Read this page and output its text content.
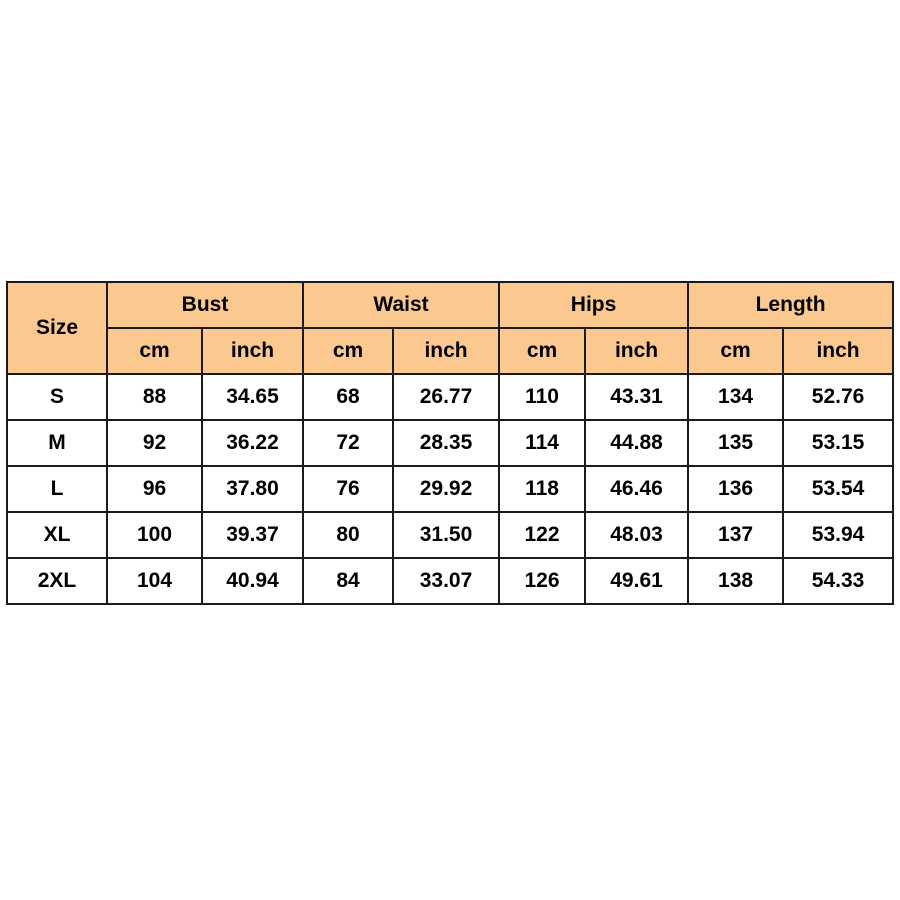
Size	Bust		Waist		Hips		Length	
	cm	inch	cm	inch	cm	inch	cm	inch
S	88	34.65	68	26.77	110	43.31	134	52.76
M	92	36.22	72	28.35	114	44.88	135	53.15
L	96	37.80	76	29.92	118	46.46	136	53.54
XL	100	39.37	80	31.50	122	48.03	137	53.94
2XL	104	40.94	84	33.07	126	49.61	138	54.33
